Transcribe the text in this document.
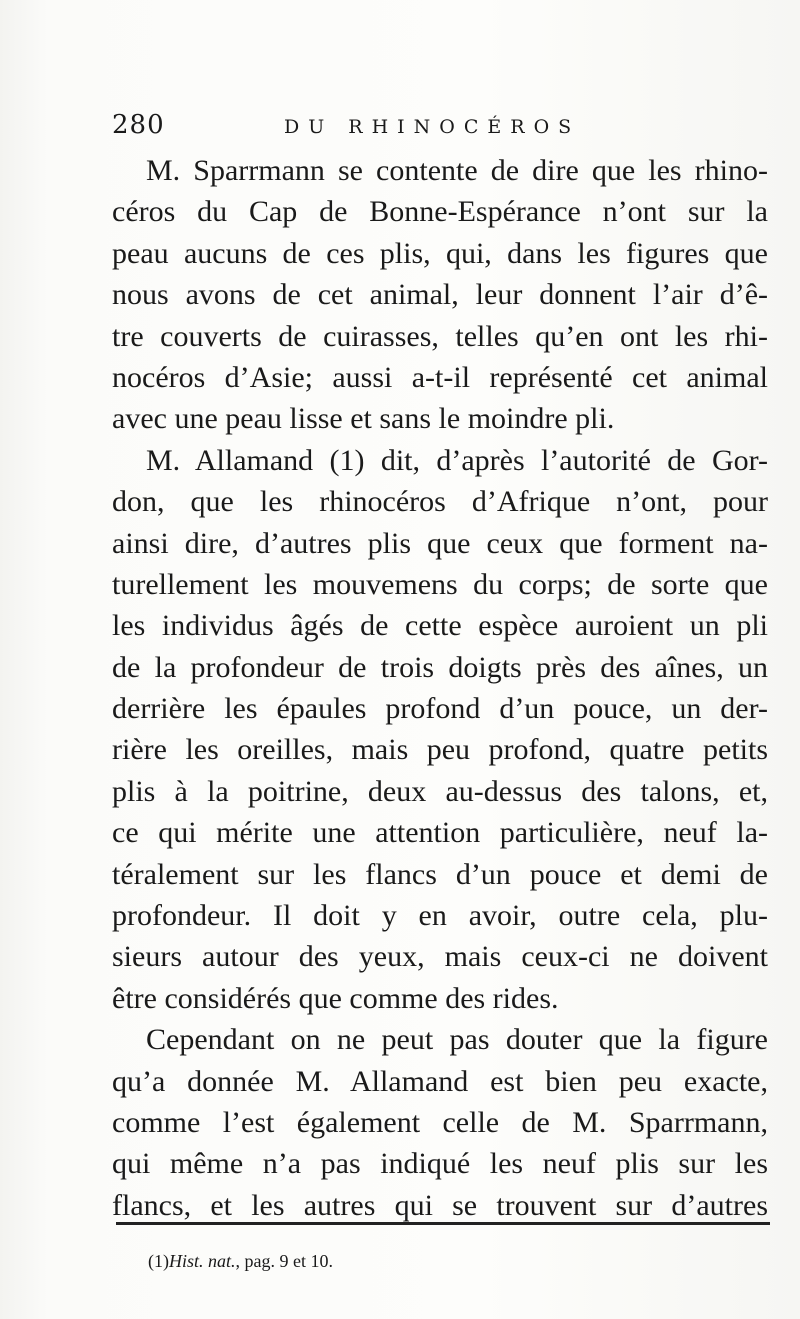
280	DU RHINOCÉROS
M. Sparrmann se contente de dire que les rhino-
céros du Cap de Bonne-Espérance n’ont sur la
peau aucuns de ces plis, qui, dans les figures que
nous avons de cet animal, leur donnent l’air d’ê-
tre couverts de cuirasses, telles qu’en ont les rhi-
nocéros d’Asie; aussi a-t-il représenté cet animal
avec une peau lisse et sans le moindre pli.
M. Allamand (1) dit, d’après l’autorité de Gor-
don, que les rhinocéros d’Afrique n’ont, pour
ainsi dire, d’autres plis que ceux que forment na-
turellement les mouvemens du corps; de sorte que
les individus âgés de cette espèce auroient un pli
de la profondeur de trois doigts près des aînes, un
derrière les épaules profond d’un pouce, un der-
rière les oreilles, mais peu profond, quatre petits
plis à la poitrine, deux au-dessus des talons, et,
ce qui mérite une attention particulière, neuf la-
téralement sur les flancs d’un pouce et demi de
profondeur. Il doit y en avoir, outre cela, plu-
sieurs autour des yeux, mais ceux-ci ne doivent
être considérés que comme des rides.
Cependant on ne peut pas douter que la figure
qu’a donnée M. Allamand est bien peu exacte,
comme l’est également celle de M. Sparrmann,
qui même n’a pas indiqué les neuf plis sur les
flancs, et les autres qui se trouvent sur d’autres
(1)Hist. nat., pag. 9 et 10.
